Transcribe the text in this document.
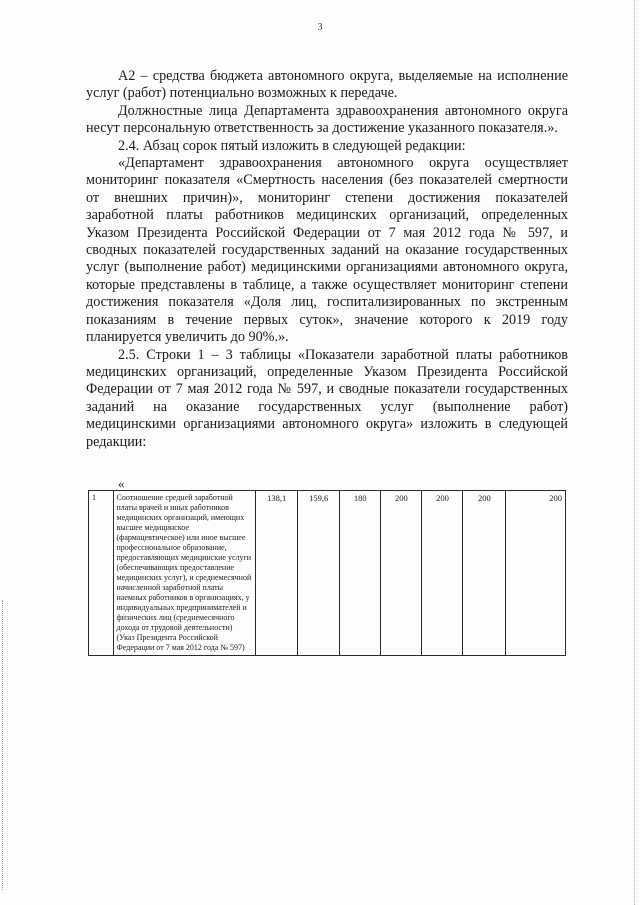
3

A2 – средства бюджета автономного округа, выделяемые на исполнение услуг (работ) потенциально возможных к передаче.

Должностные лица Департамента здравоохранения автономного округа несут персональную ответственность за достижение указанного показателя.».

2.4. Абзац сорок пятый изложить в следующей редакции:

«Департамент здравоохранения автономного округа осуществляет мониторинг показателя «Смертность населения (без показателей смертности от внешних причин)», мониторинг степени достижения показателей заработной платы работников медицинских организаций, определенных Указом Президента Российской Федерации от 7 мая 2012 года № 597, и сводных показателей государственных заданий на оказание государственных услуг (выполнение работ) медицинскими организациями автономного округа, которые представлены в таблице, а также осуществляет мониторинг степени достижения показателя «Доля лиц, госпитализированных по экстренным показаниям в течение первых суток», значение которого к 2019 году планируется увеличить до 90%.».

2.5. Строки 1 – 3 таблицы «Показатели заработной платы работников медицинских организаций, определенные Указом Президента Российской Федерации от 7 мая 2012 года № 597, и сводные показатели государственных заданий на оказание государственных услуг (выполнение работ) медицинскими организациями автономного округа» изложить в следующей редакции:

«
1	Соотношение средней заработной платы врачей и иных работников медицинских организаций, имеющих высшее медицинское (фармацевтическое) или иное высшее профессиональное образование, предоставляющих медицинские услуги (обеспечивающих предоставление медицинских услуг), и среднемесячной начисленной заработной платы наемных работников в организациях, у индивидуальных предпринимателей и физических лиц (среднемесячного дохода от трудовой деятельности) (Указ Президента Российской Федерации от 7 мая 2012 года № 597)	138,1	159,6	180	200	200	200	200
